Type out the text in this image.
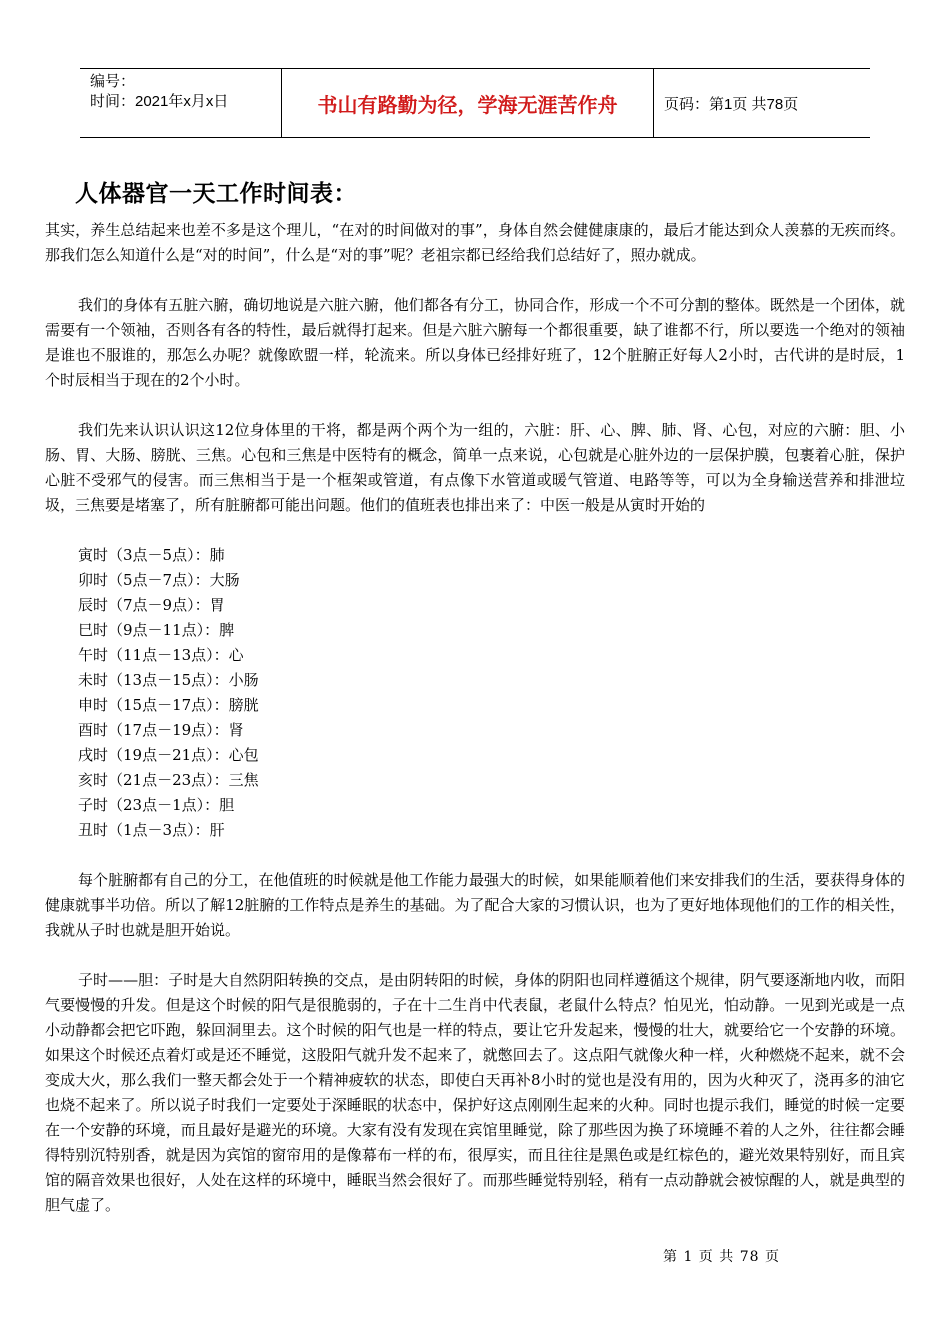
编号：
时间：2021年x月x日	书山有路勤为径，学海无涯苦作舟	页码：第1页 共78页
人体器官一天工作时间表：

其实，养生总结起来也差不多是这个理儿，“在对的时间做对的事”，身体自然会健健康康的，最后才能达到众人羡慕的无疾而终。那我们怎么知道什么是“对的时间”，什么是“对的事”呢？老祖宗都已经给我们总结好了，照办就成。

我们的身体有五脏六腑，确切地说是六脏六腑，他们都各有分工，协同合作，形成一个不可分割的整体。既然是一个团体，就需要有一个领袖，否则各有各的特性，最后就得打起来。但是六脏六腑每一个都很重要，缺了谁都不行，所以要选一个绝对的领袖是谁也不服谁的，那怎么办呢？就像欧盟一样，轮流来。所以身体已经排好班了，12个脏腑正好每人2小时，古代讲的是时辰，1个时辰相当于现在的2个小时。

我们先来认识认识这12位身体里的干将，都是两个两个为一组的，六脏：肝、心、脾、肺、肾、心包，对应的六腑：胆、小肠、胃、大肠、膀胱、三焦。心包和三焦是中医特有的概念，简单一点来说，心包就是心脏外边的一层保护膜，包裹着心脏，保护心脏不受邪气的侵害。而三焦相当于是一个框架或管道，有点像下水管道或暖气管道、电路等等，可以为全身输送营养和排泄垃圾，三焦要是堵塞了，所有脏腑都可能出问题。他们的值班表也排出来了：中医一般是从寅时开始的

寅时（3点－5点）：肺
卯时（5点－7点）：大肠
辰时（7点－9点）：胃
巳时（9点－11点）：脾
午时（11点－13点）：心
未时（13点－15点）：小肠
申时（15点－17点）：膀胱
酉时（17点－19点）：肾
戌时（19点－21点）：心包
亥时（21点－23点）：三焦
子时（23点－1点）：胆
丑时（1点－3点）：肝

每个脏腑都有自己的分工，在他值班的时候就是他工作能力最强大的时候，如果能顺着他们来安排我们的生活，要获得身体的健康就事半功倍。所以了解12脏腑的工作特点是养生的基础。为了配合大家的习惯认识，也为了更好地体现他们的工作的相关性，我就从子时也就是胆开始说。

子时——胆：子时是大自然阴阳转换的交点，是由阴转阳的时候，身体的阴阳也同样遵循这个规律，阴气要逐渐地内收，而阳气要慢慢的升发。但是这个时候的阳气是很脆弱的，子在十二生肖中代表鼠，老鼠什么特点？怕见光，怕动静。一见到光或是一点小动静都会把它吓跑，躲回洞里去。这个时候的阳气也是一样的特点，要让它升发起来，慢慢的壮大，就要给它一个安静的环境。如果这个时候还点着灯或是还不睡觉，这股阳气就升发不起来了，就憋回去了。这点阳气就像火种一样，火种燃烧不起来，就不会变成大火，那么我们一整天都会处于一个精神疲软的状态，即使白天再补8小时的觉也是没有用的，因为火种灭了，浇再多的油它也烧不起来了。所以说子时我们一定要处于深睡眠的状态中，保护好这点刚刚生起来的火种。同时也提示我们，睡觉的时候一定要在一个安静的环境，而且最好是避光的环境。大家有没有发现在宾馆里睡觉，除了那些因为换了环境睡不着的人之外，往往都会睡得特别沉特别香，就是因为宾馆的窗帘用的是像幕布一样的布，很厚实，而且往往是黑色或是红棕色的，避光效果特别好，而且宾馆的隔音效果也很好，人处在这样的环境中，睡眠当然会很好了。而那些睡觉特别轻，稍有一点动静就会被惊醒的人，就是典型的胆气虚了。

第 1 页 共 78 页
